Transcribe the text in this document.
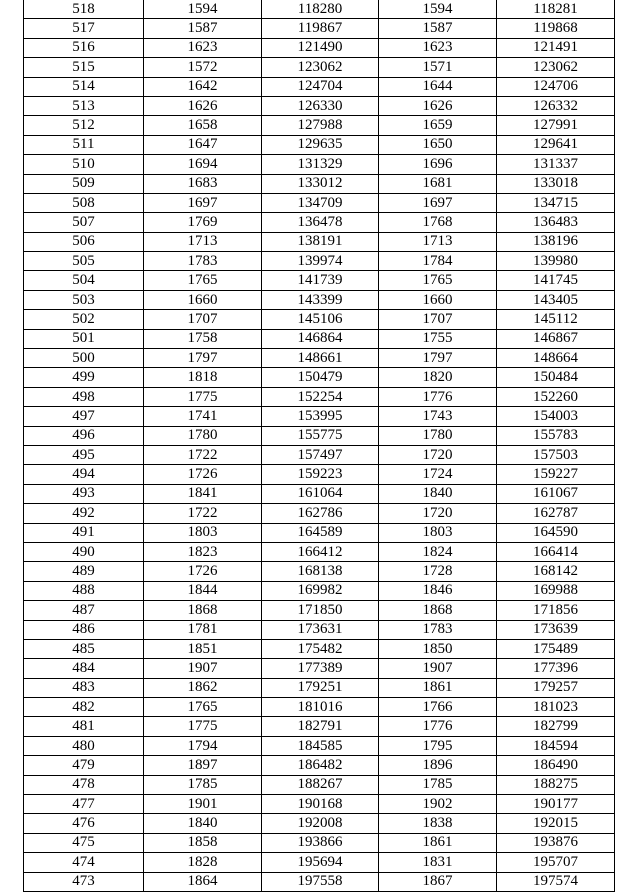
518	1594	118280	1594	118281
517	1587	119867	1587	119868
516	1623	121490	1623	121491
515	1572	123062	1571	123062
514	1642	124704	1644	124706
513	1626	126330	1626	126332
512	1658	127988	1659	127991
511	1647	129635	1650	129641
510	1694	131329	1696	131337
509	1683	133012	1681	133018
508	1697	134709	1697	134715
507	1769	136478	1768	136483
506	1713	138191	1713	138196
505	1783	139974	1784	139980
504	1765	141739	1765	141745
503	1660	143399	1660	143405
502	1707	145106	1707	145112
501	1758	146864	1755	146867
500	1797	148661	1797	148664
499	1818	150479	1820	150484
498	1775	152254	1776	152260
497	1741	153995	1743	154003
496	1780	155775	1780	155783
495	1722	157497	1720	157503
494	1726	159223	1724	159227
493	1841	161064	1840	161067
492	1722	162786	1720	162787
491	1803	164589	1803	164590
490	1823	166412	1824	166414
489	1726	168138	1728	168142
488	1844	169982	1846	169988
487	1868	171850	1868	171856
486	1781	173631	1783	173639
485	1851	175482	1850	175489
484	1907	177389	1907	177396
483	1862	179251	1861	179257
482	1765	181016	1766	181023
481	1775	182791	1776	182799
480	1794	184585	1795	184594
479	1897	186482	1896	186490
478	1785	188267	1785	188275
477	1901	190168	1902	190177
476	1840	192008	1838	192015
475	1858	193866	1861	193876
474	1828	195694	1831	195707
473	1864	197558	1867	197574
